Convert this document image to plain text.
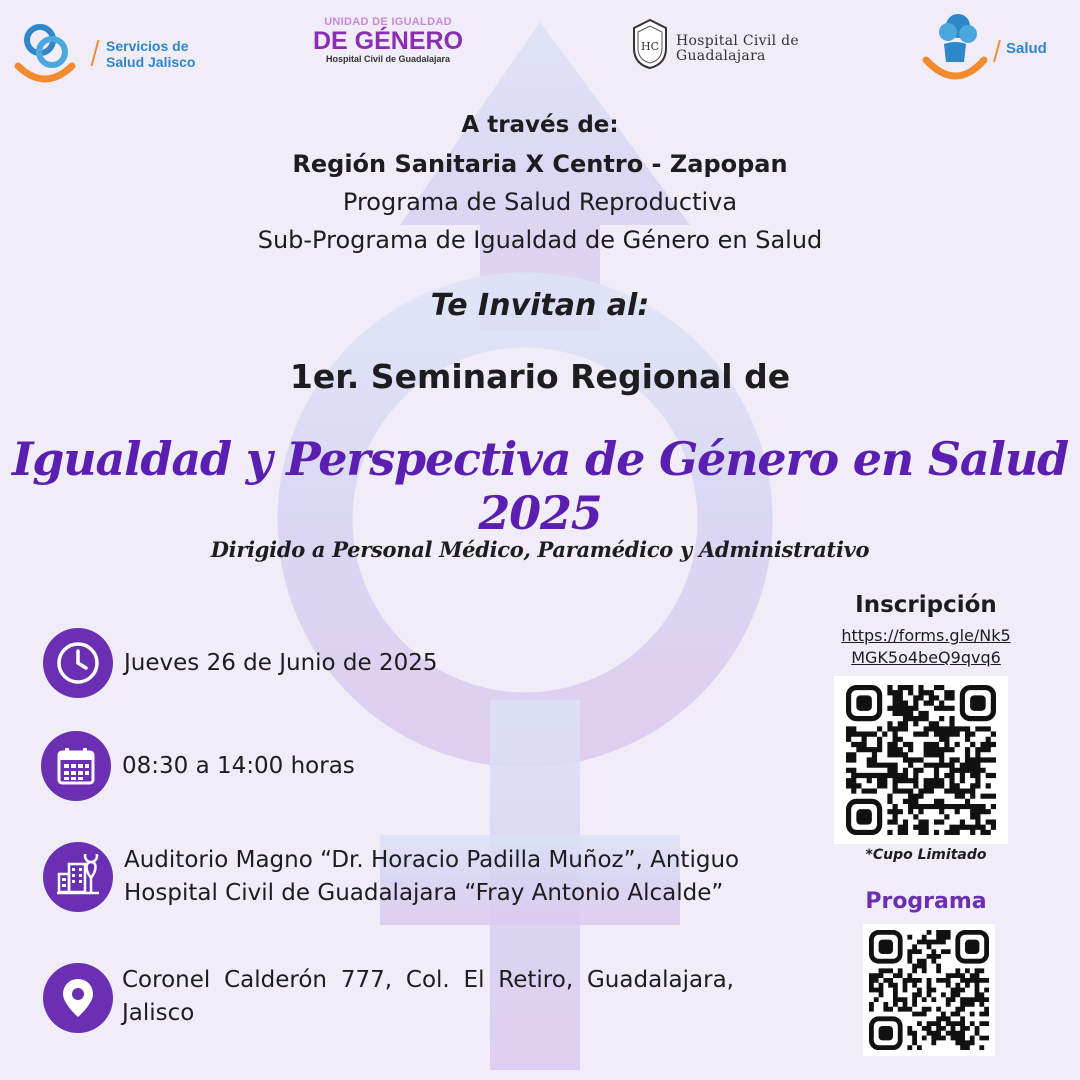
Servicios de
Salud Jalisco
UNIDAD DE IGUALDAD
DE GÉNERO
Hospital Civil de Guadalajara
HC Hospital Civil de
Guadalajara	Salud
A través de:
Región Sanitaria X Centro - Zapopan
Programa de Salud Reproductiva
Sub-Programa de Igualdad de Género en Salud
Te Invitan al:
1er. Seminario Regional de
Igualdad y Perspectiva de Género en Salud 2025
Dirigido a Personal Médico, Paramédico y Administrativo
Jueves 26 de Junio de 2025
08:30 a 14:00 horas
Auditorio Magno “Dr. Horacio Padilla Muñoz”, Antiguo
Hospital Civil de Guadalajara “Fray Antonio Alcalde”
Coronel Calderón 777, Col. El Retiro, Guadalajara, Jalisco
Inscripción
https://forms.gle/Nk5
MGK5o4beQ9qvq6
*Cupo Limitado
Programa
